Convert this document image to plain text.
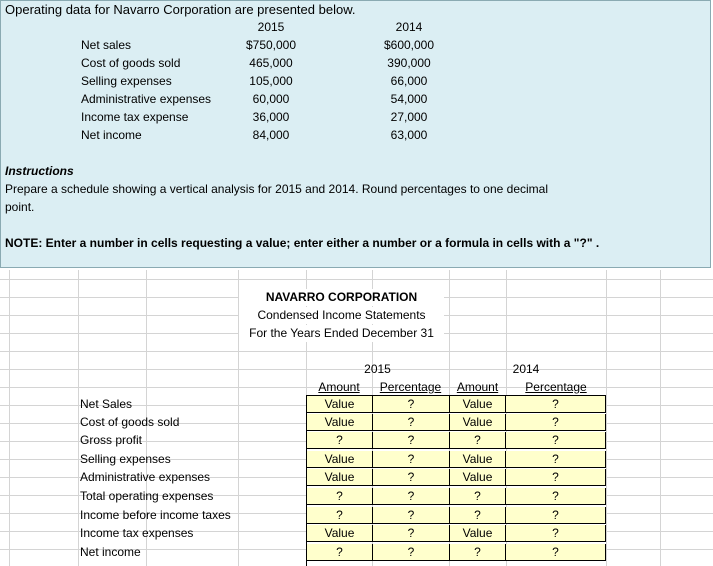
Operating data for Navarro Corporation are presented below.
2015	2014
Net sales	$750,000	$600,000
Cost of goods sold	465,000	390,000
Selling expenses	105,000	66,000
Administrative expenses	60,000	54,000
Income tax expense	36,000	27,000
Net income	84,000	63,000
Instructions
Prepare a schedule showing a vertical analysis for 2015 and 2014. Round percentages to one decimal
point.
NOTE: Enter a number in cells requesting a value; enter either a number or a formula in cells with a "?" .
NAVARRO CORPORATION
Condensed Income Statements
For the Years Ended December 31
2015	2014
Amount	Percentage	Amount	Percentage
Net Sales	Value	?	Value	?
Cost of goods sold	Value	?	Value	?
Gross profit	?	?	?	?
Selling expenses	Value	?	Value	?
Administrative expenses	Value	?	Value	?
Total operating expenses	?	?	?	?
Income before income taxes	?	?	?	?
Income tax expenses	Value	?	Value	?
Net income	?	?	?	?
